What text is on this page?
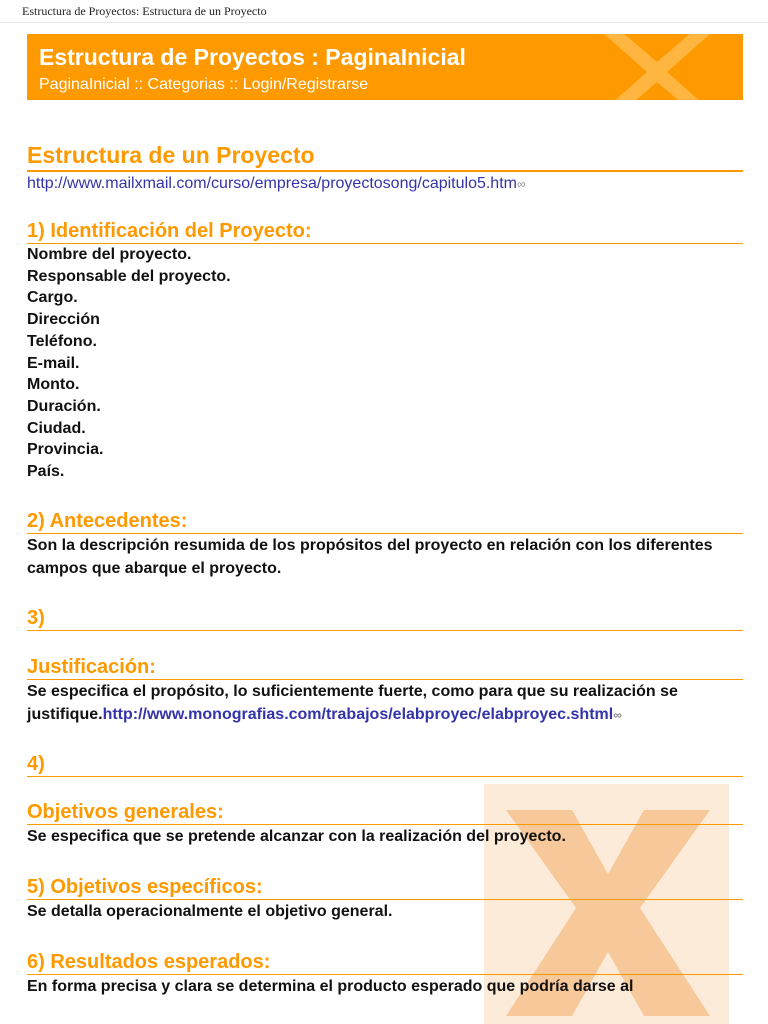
Estructura de Proyectos: Estructura de un Proyecto
Estructura de Proyectos : PaginaInicial
PaginaInicial :: Categorias :: Login/Registrarse
Estructura de un Proyecto
http://www.mailxmail.com/curso/empresa/proyectosong/capitulo5.htm∞
1) Identificación del Proyecto:
Nombre del proyecto.
Responsable del proyecto.
Cargo.
Dirección
Teléfono.
E-mail.
Monto.
Duración.
Ciudad.
Provincia.
País.
2) Antecedentes:

Son la descripción resumida de los propósitos del proyecto en relación con los diferentes campos que abarque el proyecto.

3)
Justificación:

Se especifica el propósito, lo suficientemente fuerte, como para que su realización se justifique.http://www.monografias.com/trabajos/elabproyec/elabproyec.shtml∞

4)
Objetivos generales:

Se especifica que se pretende alcanzar con la realización del proyecto.

5) Objetivos específicos:

Se detalla operacionalmente el objetivo general.

6) Resultados esperados:

En forma precisa y clara se determina el producto esperado que podría darse al
